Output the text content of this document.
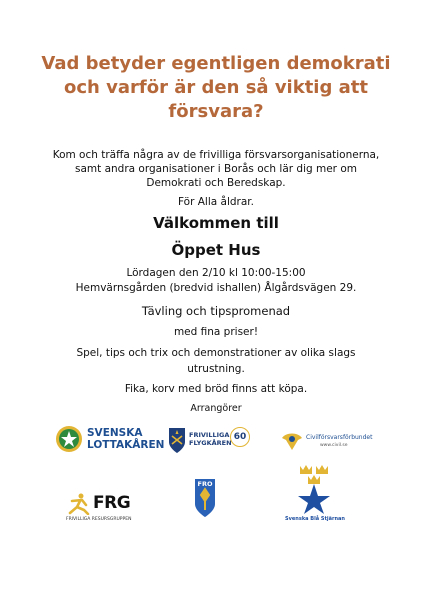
Vad betyder egentligen demokrati
och varför är den så viktig att
försvara?
Kom och träffa några av de frivilliga försvarsorganisationerna,
samt andra organisationer i Borås och lär dig mer om
Demokrati och Beredskap.
För Alla åldrar.
Välkommen till
Öppet Hus
Lördagen den 2/10 kl 10:00-15:00
Hemvärnsgården (bredvid ishallen) Ålgårdsvägen 29.
Tävling och tipspromenad
med fina priser!
Spel, tips och trix och demonstrationer av olika slags
utrustning.
Fika, korv med bröd finns att köpa.
Arrangörer
SVENSKA
LOTTAKÅREN
FRIVILLIGA
FLYGKÅREN
60	Civilförsvarsförbundet
www.civil.se
Svenska Blå Stjärnan
FRG
FRIVILLIGA RESURSGRUPPEN
FRO
